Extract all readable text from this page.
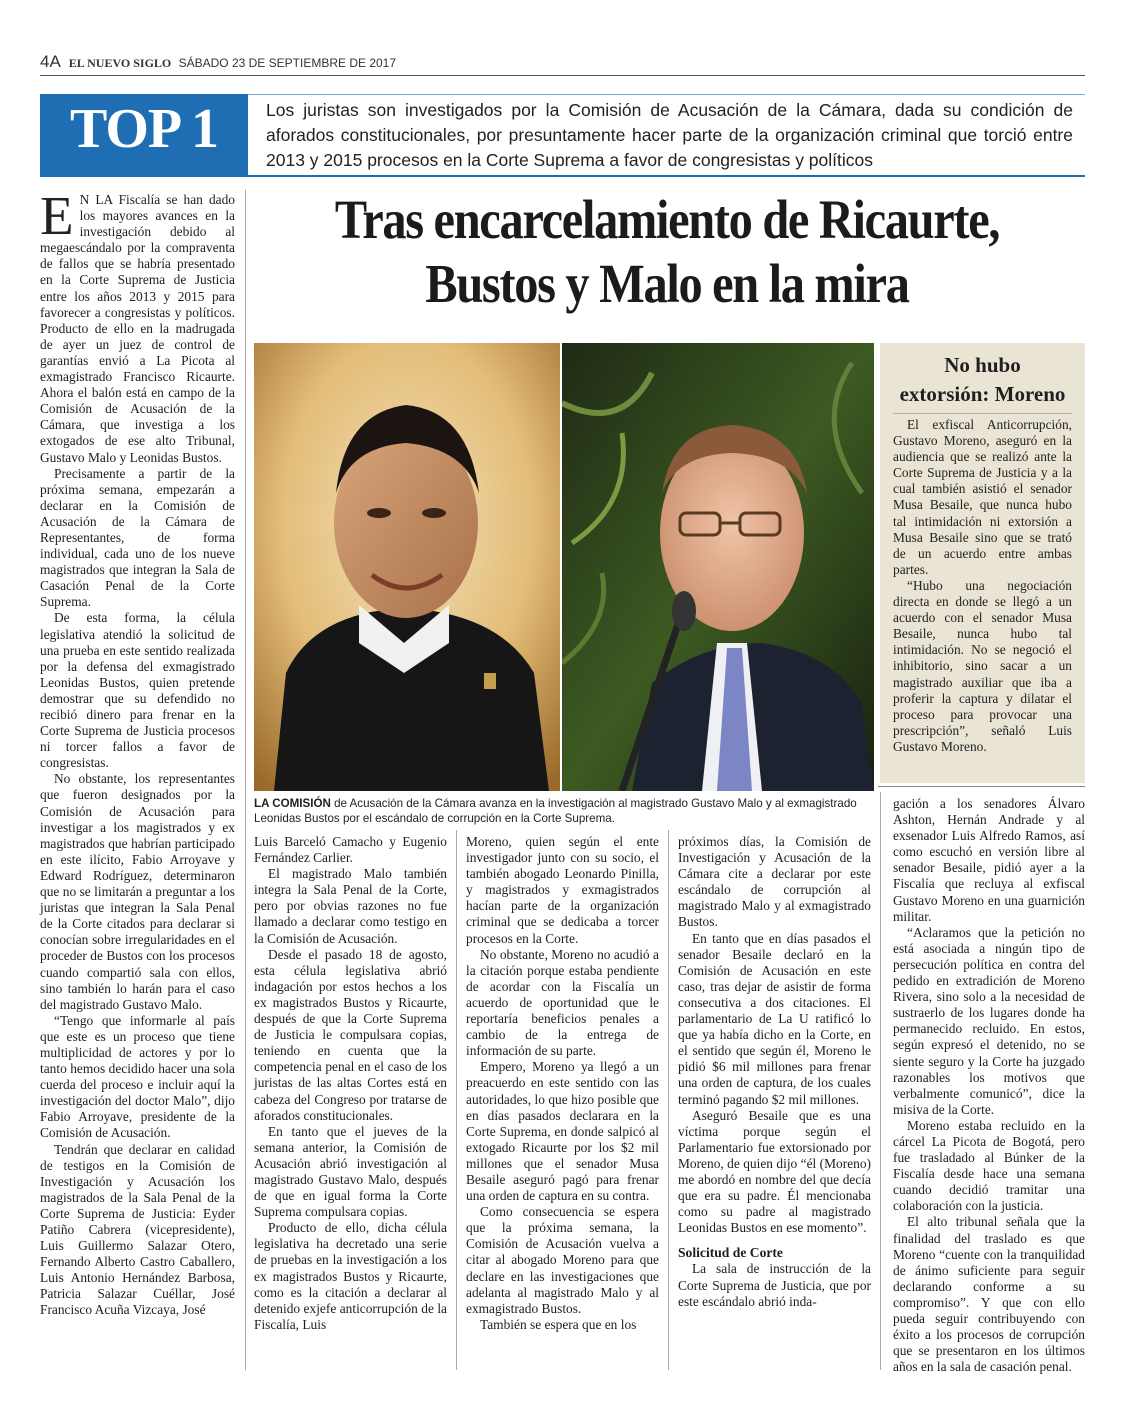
4A EL NUEVO SIGLO SÁBADO 23 DE SEPTIEMBRE DE 2017
TOP 1	Los juristas son investigados por la Comisión de Acusación de la Cámara, dada su condición de aforados constitucionales, por presuntamente hacer parte de la organización criminal que torció entre 2013 y 2015 procesos en la Corte Suprema a favor de congresistas y políticos

Tras encarcelamiento de Ricaurte,
Bustos y Malo en la mira

E N LA Fiscalía se han dado los mayores avances en la investigación debido al megaescándalo por la compraventa de fallos que se habría presentado en la Corte Suprema de Justicia entre los años 2013 y 2015 para favorecer a congresistas y políticos. Producto de ello en la madrugada de ayer un juez de control de garantías envió a La Picota al exmagistrado Francisco Ricaurte. Ahora el balón está en campo de la Comisión de Acusación de la Cámara, que investiga a los extogados de ese alto Tribunal, Gustavo Malo y Leonidas Bustos.

Precisamente a partir de la próxima semana, empezarán a declarar en la Comisión de Acusación de la Cámara de Representantes, de forma individual, cada uno de los nueve magistrados que integran la Sala de Casación Penal de la Corte Suprema.

De esta forma, la célula legislativa atendió la solicitud de una prueba en este sentido realizada por la defensa del exmagistrado Leonidas Bustos, quien pretende demostrar que su defendido no recibió dinero para frenar en la Corte Suprema de Justicia procesos ni torcer fallos a favor de congresistas.

No obstante, los representantes que fueron designados por la Comisión de Acusación para investigar a los magistrados y ex magistrados que habrían participado en este ilícito, Fabio Arroyave y Edward Rodríguez, determinaron que no se limitarán a preguntar a los juristas que integran la Sala Penal de la Corte citados para declarar si conocían sobre irregularidades en el proceder de Bustos con los procesos cuando compartió sala con ellos, sino también lo harán para el caso del magistrado Gustavo Malo.

“Tengo que informarle al país que este es un proceso que tiene multiplicidad de actores y por lo tanto hemos decidido hacer una sola cuerda del proceso e incluir aquí la investigación del doctor Malo”, dijo Fabio Arroyave, presidente de la Comisión de Acusación.

Tendrán que declarar en calidad de testigos en la Comisión de Investigación y Acusación los magistrados de la Sala Penal de la Corte Suprema de Justicia: Eyder Patiño Cabrera (vicepresidente), Luis Guillermo Salazar Otero, Fernando Alberto Castro Caballero, Luis Antonio Hernández Barbosa, Patricia Salazar Cuéllar, José Francisco Acuña Vizcaya, José

LA COMISIÓN de Acusación de la Cámara avanza en la investigación al magistrado Gustavo Malo y al exmagistrado Leonidas Bustos por el escándalo de corrupción en la Corte Suprema.

No hubo
extorsión: Moreno

El exfiscal Anticorrupción, Gustavo Moreno, aseguró en la audiencia que se realizó ante la Corte Suprema de Justicia y a la cual también asistió el senador Musa Besaile, que nunca hubo tal intimidación ni extorsión a Musa Besaile sino que se trató de un acuerdo entre ambas partes.

“Hubo una negociación directa en donde se llegó a un acuerdo con el senador Musa Besaile, nunca hubo tal intimidación. No se negoció el inhibitorio, sino sacar a un magistrado auxiliar que iba a proferir la captura y dilatar el proceso para provocar una prescripción”, señaló Luis Gustavo Moreno.

Luis Barceló Camacho y Eugenio Fernández Carlier.

El magistrado Malo también integra la Sala Penal de la Corte, pero por obvias razones no fue llamado a declarar como testigo en la Comisión de Acusación.

Desde el pasado 18 de agosto, esta célula legislativa abrió indagación por estos hechos a los ex magistrados Bustos y Ricaurte, después de que la Corte Suprema de Justicia le compulsara copias, teniendo en cuenta que la competencia penal en el caso de los juristas de las altas Cortes está en cabeza del Congreso por tratarse de aforados constitucionales.

En tanto que el jueves de la semana anterior, la Comisión de Acusación abrió investigación al magistrado Gustavo Malo, después de que en igual forma la Corte Suprema compulsara copias.

Producto de ello, dicha célula legislativa ha decretado una serie de pruebas en la investigación a los ex magistrados Bustos y Ricaurte, como es la citación a declarar al detenido exjefe anticorrupción de la Fiscalía, Luis

Moreno, quien según el ente investigador junto con su socio, el también abogado Leonardo Pinilla, y magistrados y exmagistrados hacían parte de la organización criminal que se dedicaba a torcer procesos en la Corte.

No obstante, Moreno no acudió a la citación porque estaba pendiente de acordar con la Fiscalía un acuerdo de oportunidad que le reportaría beneficios penales a cambio de la entrega de información de su parte.

Empero, Moreno ya llegó a un preacuerdo en este sentido con las autoridades, lo que hizo posible que en días pasados declarara en la Corte Suprema, en donde salpicó al extogado Ricaurte por los $2 mil millones que el senador Musa Besaile aseguró pagó para frenar una orden de captura en su contra.

Como consecuencia se espera que la próxima semana, la Comisión de Acusación vuelva a citar al abogado Moreno para que declare en las investigaciones que adelanta al magistrado Malo y al exmagistrado Bustos.

También se espera que en los

próximos días, la Comisión de Investigación y Acusación de la Cámara cite a declarar por este escándalo de corrupción al magistrado Malo y al exmagistrado Bustos.

En tanto que en días pasados el senador Besaile declaró en la Comisión de Acusación en este caso, tras dejar de asistir de forma consecutiva a dos citaciones. El parlamentario de La U ratificó lo que ya había dicho en la Corte, en el sentido que según él, Moreno le pidió $6 mil millones para frenar una orden de captura, de los cuales terminó pagando $2 mil millones.

Aseguró Besaile que es una víctima porque según el Parlamentario fue extorsionado por Moreno, de quien dijo “él (Moreno) me abordó en nombre del que decía que era su padre. Él mencionaba como su padre al magistrado Leonidas Bustos en ese momento”.

Solicitud de Corte

La sala de instrucción de la Corte Suprema de Justicia, que por este escándalo abrió inda-

gación a los senadores Álvaro Ashton, Hernán Andrade y al exsenador Luis Alfredo Ramos, así como escuchó en versión libre al senador Besaile, pidió ayer a la Fiscalía que recluya al exfiscal Gustavo Moreno en una guarnición militar.

“Aclaramos que la petición no está asociada a ningún tipo de persecución política en contra del pedido en extradición de Moreno Rivera, sino solo a la necesidad de sustraerlo de los lugares donde ha permanecido recluido. En estos, según expresó el detenido, no se siente seguro y la Corte ha juzgado razonables los motivos que verbalmente comunicó”, dice la misiva de la Corte.

Moreno estaba recluido en la cárcel La Picota de Bogotá, pero fue trasladado al Búnker de la Fiscalía desde hace una semana cuando decidió tramitar una colaboración con la justicia.

El alto tribunal señala que la finalidad del traslado es que Moreno “cuente con la tranquilidad de ánimo suficiente para seguir declarando conforme a su compromiso”. Y que con ello pueda seguir contribuyendo con éxito a los procesos de corrupción que se presentaron en los últimos años en la sala de casación penal.
